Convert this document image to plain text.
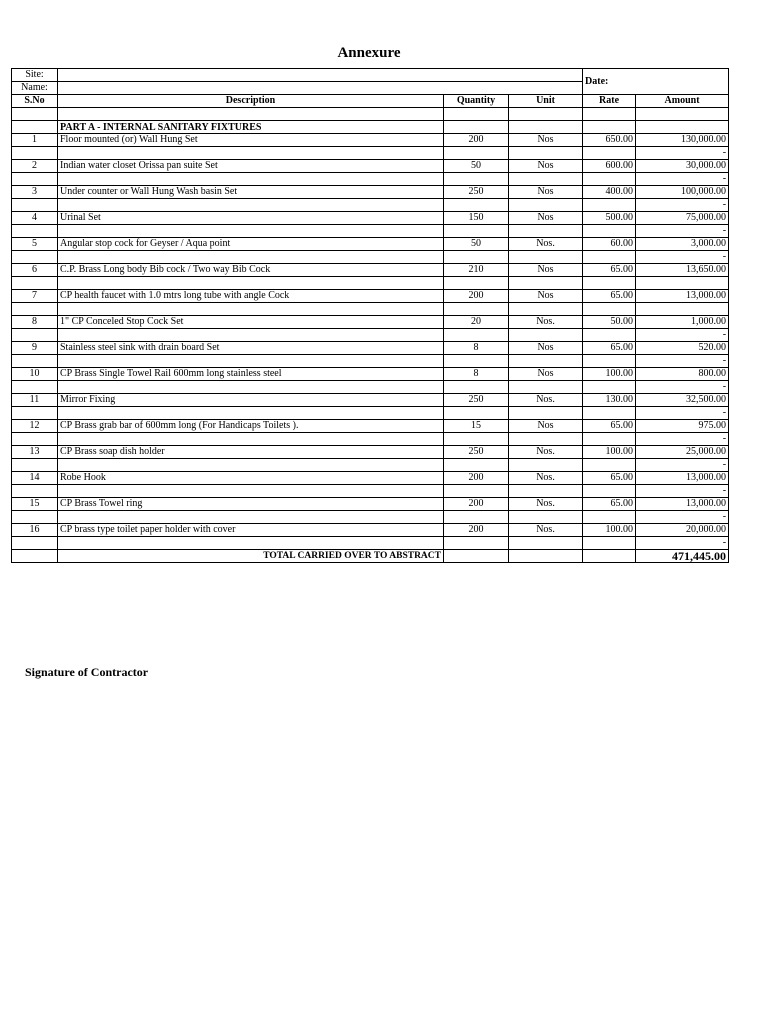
Annexure
Site:				Date:	
Name:					
S.No	Description	Quantity	Unit	Rate	Amount

	PART A - INTERNAL SANITARY FIXTURES				

1	Floor mounted (or) Wall Hung Set	200	Nos	650.00	130,000.00
					-
2	Indian water closet Orissa pan suite Set	50	Nos	600.00	30,000.00
					-
3	Under counter or Wall Hung Wash basin Set	250	Nos	400.00	100,000.00
					-
4	Urinal Set	150	Nos	500.00	75,000.00
					-
5	Angular stop cock for Geyser / Aqua point	50	Nos.	60.00	3,000.00
					-
6	C.P. Brass Long body Bib cock / Two way Bib Cock	210	Nos	65.00	13,650.00

7	CP health faucet with 1.0 mtrs long tube with angle Cock	200	Nos	65.00	13,000.00

8	1" CP Conceled Stop Cock Set	20	Nos.	50.00	1,000.00
					-
9	Stainless steel sink with drain board Set	8	Nos	65.00	520.00
					-
10	CP Brass Single Towel Rail 600mm long stainless steel	8	Nos	100.00	800.00
					-
11	Mirror Fixing	250	Nos.	130.00	32,500.00
					-
12	CP Brass grab bar of 600mm long (For Handicaps Toilets ).	15	Nos	65.00	975.00
					-
13	CP Brass soap dish holder	250	Nos.	100.00	25,000.00
					-
14	Robe Hook	200	Nos.	65.00	13,000.00
					-
15	CP Brass Towel ring	200	Nos.	65.00	13,000.00
					-
16	CP brass type toilet paper holder with cover	200	Nos.	100.00	20,000.00
					-
	TOTAL CARRIED OVER TO ABSTRACT				471,445.00
Signature of Contractor
